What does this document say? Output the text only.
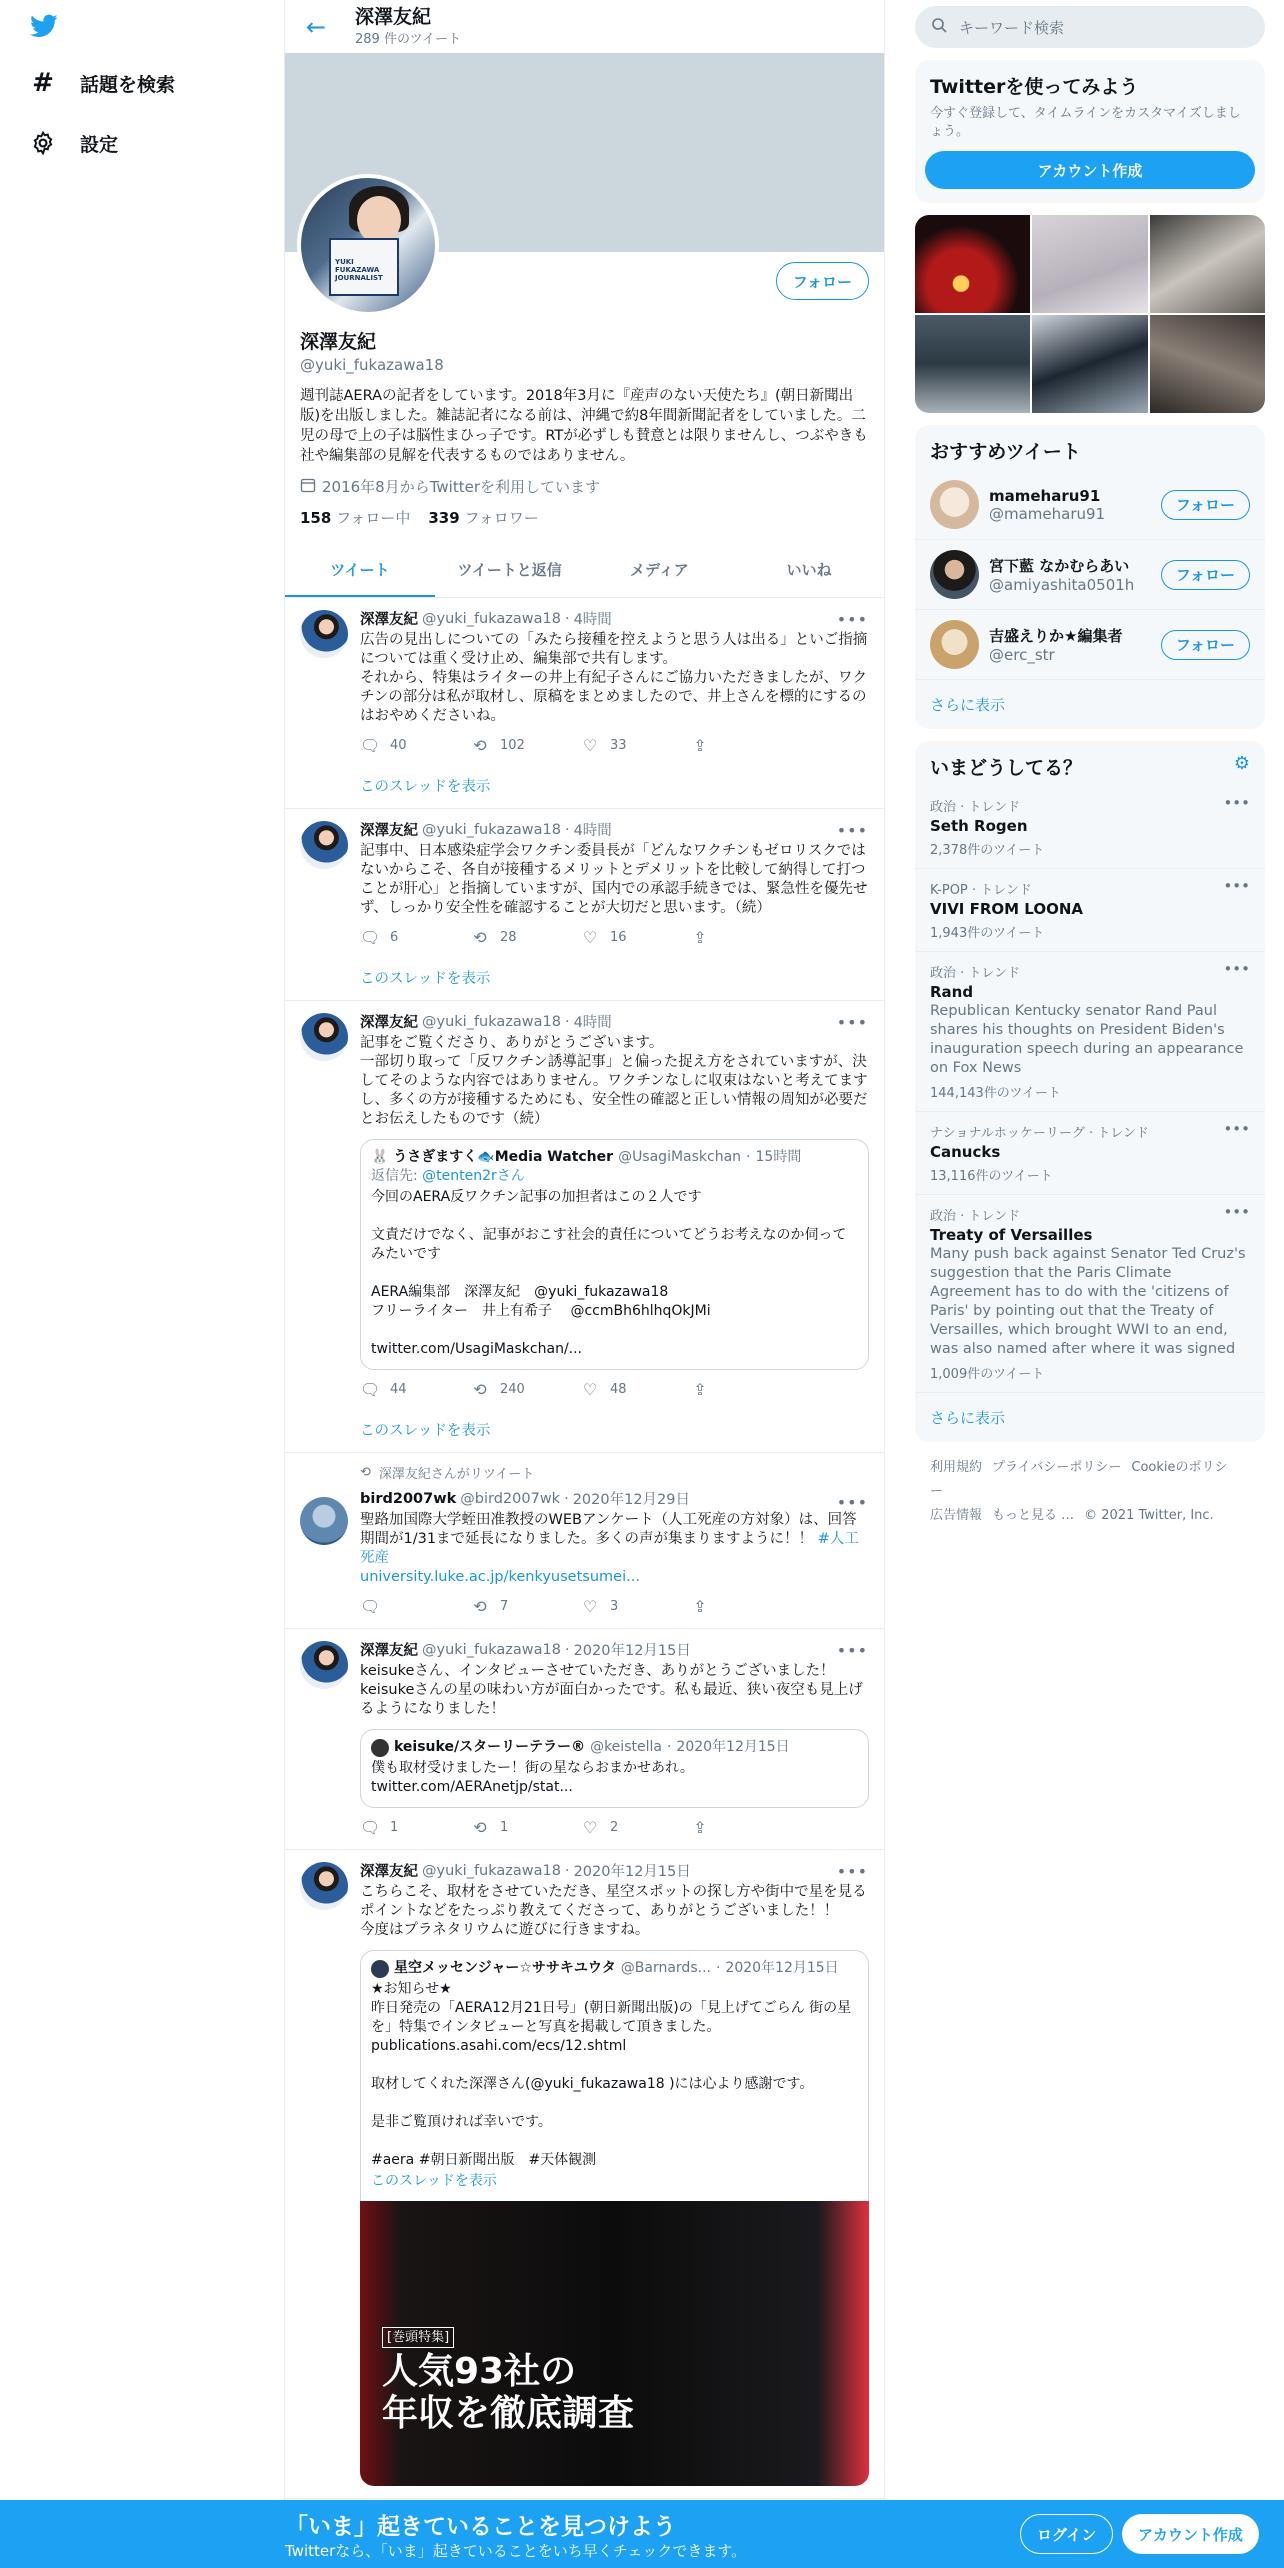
# 話題を検索
設定
← 深澤友紀
289 件のツイート
YUKI FUKAZAWA JOURNALIST	フォロー
深澤友紀
@yuki_fukazawa18
週刊誌AERAの記者をしています。2018年3月に『産声のない天使たち』(朝日新聞出版)を出版しました。雑誌記者になる前は、沖縄で約8年間新聞記者をしていました。二児の母で上の子は脳性まひっ子です。RTが必ずしも賛意とは限りませんし、つぶやきも社や編集部の見解を代表するものではありません。
2016年8月からTwitterを利用しています
158 フォロー中 339 フォロワー
ツイート	ツイートと返信	メディア	いいね
深澤友紀 @yuki_fukazawa18 · 4時間	•••
広告の見出しについての「みたら接種を控えようと思う人は出る」といご指摘については重く受け止め、編集部で共有します。
それから、特集はライターの井上有紀子さんにご協力いただきましたが、ワクチンの部分は私が取材し、原稿をまとめましたので、井上さんを標的にするのはおやめくださいね。
🗨 40	⟲ 102	♡ 33	⇪
このスレッドを表示
深澤友紀 @yuki_fukazawa18 · 4時間	•••
記事中、日本感染症学会ワクチン委員長が「どんなワクチンもゼロリスクではないからこそ、各自が接種するメリットとデメリットを比較して納得して打つことが肝心」と指摘していますが、国内での承認手続きでは、緊急性を優先せず、しっかり安全性を確認することが大切だと思います。（続）
🗨 6	⟲ 28	♡ 16	⇪
このスレッドを表示
深澤友紀 @yuki_fukazawa18 · 4時間	•••
記事をご覧くださり、ありがとうございます。
一部切り取って「反ワクチン誘導記事」と偏った捉え方をされていますが、決してそのような内容ではありません。ワクチンなしに収束はないと考えてますし、多くの方が接種するためにも、安全性の確認と正しい情報の周知が必要だとお伝えしたものです（続）
🐰 うさぎますく🐟Media Watcher @UsagiMaskchan · 15時間
返信先: @tenten2rさん
今回のAERA反ワクチン記事の加担者はこの２人です

文責だけでなく、記事がおこす社会的責任についてどうお考えなのか伺ってみたいです

AERA編集部　深澤友紀　@yuki_fukazawa18
フリーライター　井上有希子　 @ccmBh6hlhqOkJMi

twitter.com/UsagiMaskchan/...
🗨 44	⟲ 240	♡ 48	⇪
このスレッドを表示
⟲ 深澤友紀さんがリツイート
bird2007wk @bird2007wk · 2020年12月29日	•••
聖路加国際大学蛭田准教授のWEBアンケート（人工死産の方対象）は、回答期間が1/31まで延長になりました。多くの声が集まりますように！！ #人工死産
university.luke.ac.jp/kenkyusetsumei...
🗨	⟲ 7	♡ 3	⇪
深澤友紀 @yuki_fukazawa18 · 2020年12月15日	•••
keisukeさん、インタビューさせていただき、ありがとうございました！keisukeさんの星の味わい方が面白かったです。私も最近、狭い夜空も見上げるようになりました！
keisuke/スターリーテラー® @keistella · 2020年12月15日
僕も取材受けましたー！街の星ならおまかせあれ。
twitter.com/AERAnetjp/stat...
🗨 1	⟲ 1	♡ 2	⇪
深澤友紀 @yuki_fukazawa18 · 2020年12月15日	•••
こちらこそ、取材をさせていただき、星空スポットの探し方や街中で星を見るポイントなどをたっぷり教えてくださって、ありがとうございました！！
今度はプラネタリウムに遊びに行きますね。
星空メッセンジャー☆ササキユウタ @Barnards... · 2020年12月15日
★お知らせ★
昨日発売の「AERA12月21日号」(朝日新聞出版)の「見上げてごらん 街の星を」特集でインタビューと写真を掲載して頂きました。
publications.asahi.com/ecs/12.shtml

取材してくれた深澤さん(@yuki_fukazawa18 )には心より感謝です。

是非ご覧頂ければ幸いです。

#aera #朝日新聞出版　#天体観測
このスレッドを表示
[巻頭特集]
人気93社の
年収を徹底調査
キーワード検索
Twitterを使ってみよう
今すぐ登録して、タイムラインをカスタマイズしましょう。
アカウント作成
おすすめツイート
mameharu91
@mameharu91	フォロー
宮下藍 なかむらあい
@amiyashita0501h
フォロー
吉盛えりか★編集者
@erc_str
フォロー
さらに表示
いまどうしてる？	⚙
•••
政治 · トレンド
Seth Rogen
2,378件のツイート
•••
K-POP · トレンド
VIVI FROM LOONA
1,943件のツイート
•••
政治 · トレンド
Rand
Republican Kentucky senator Rand Paul shares his thoughts on President Biden's inauguration speech during an appearance on Fox News
144,143件のツイート
•••
ナショナルホッケーリーグ · トレンド
Canucks
13,116件のツイート
•••
政治 · トレンド
Treaty of Versailles
Many push back against Senator Ted Cruz's suggestion that the Paris Climate Agreement has to do with the 'citizens of Paris' by pointing out that the Treaty of Versailles, which brought WWI to an end, was also named after where it was signed
1,009件のツイート
さらに表示
利用規約 プライバシーポリシー Cookieのポリシー
広告情報 もっと見る … © 2021 Twitter, Inc.
「いま」起きていることを見つけよう
Twitterなら、「いま」起きていることをいち早くチェックできます。
ログイン	アカウント作成
